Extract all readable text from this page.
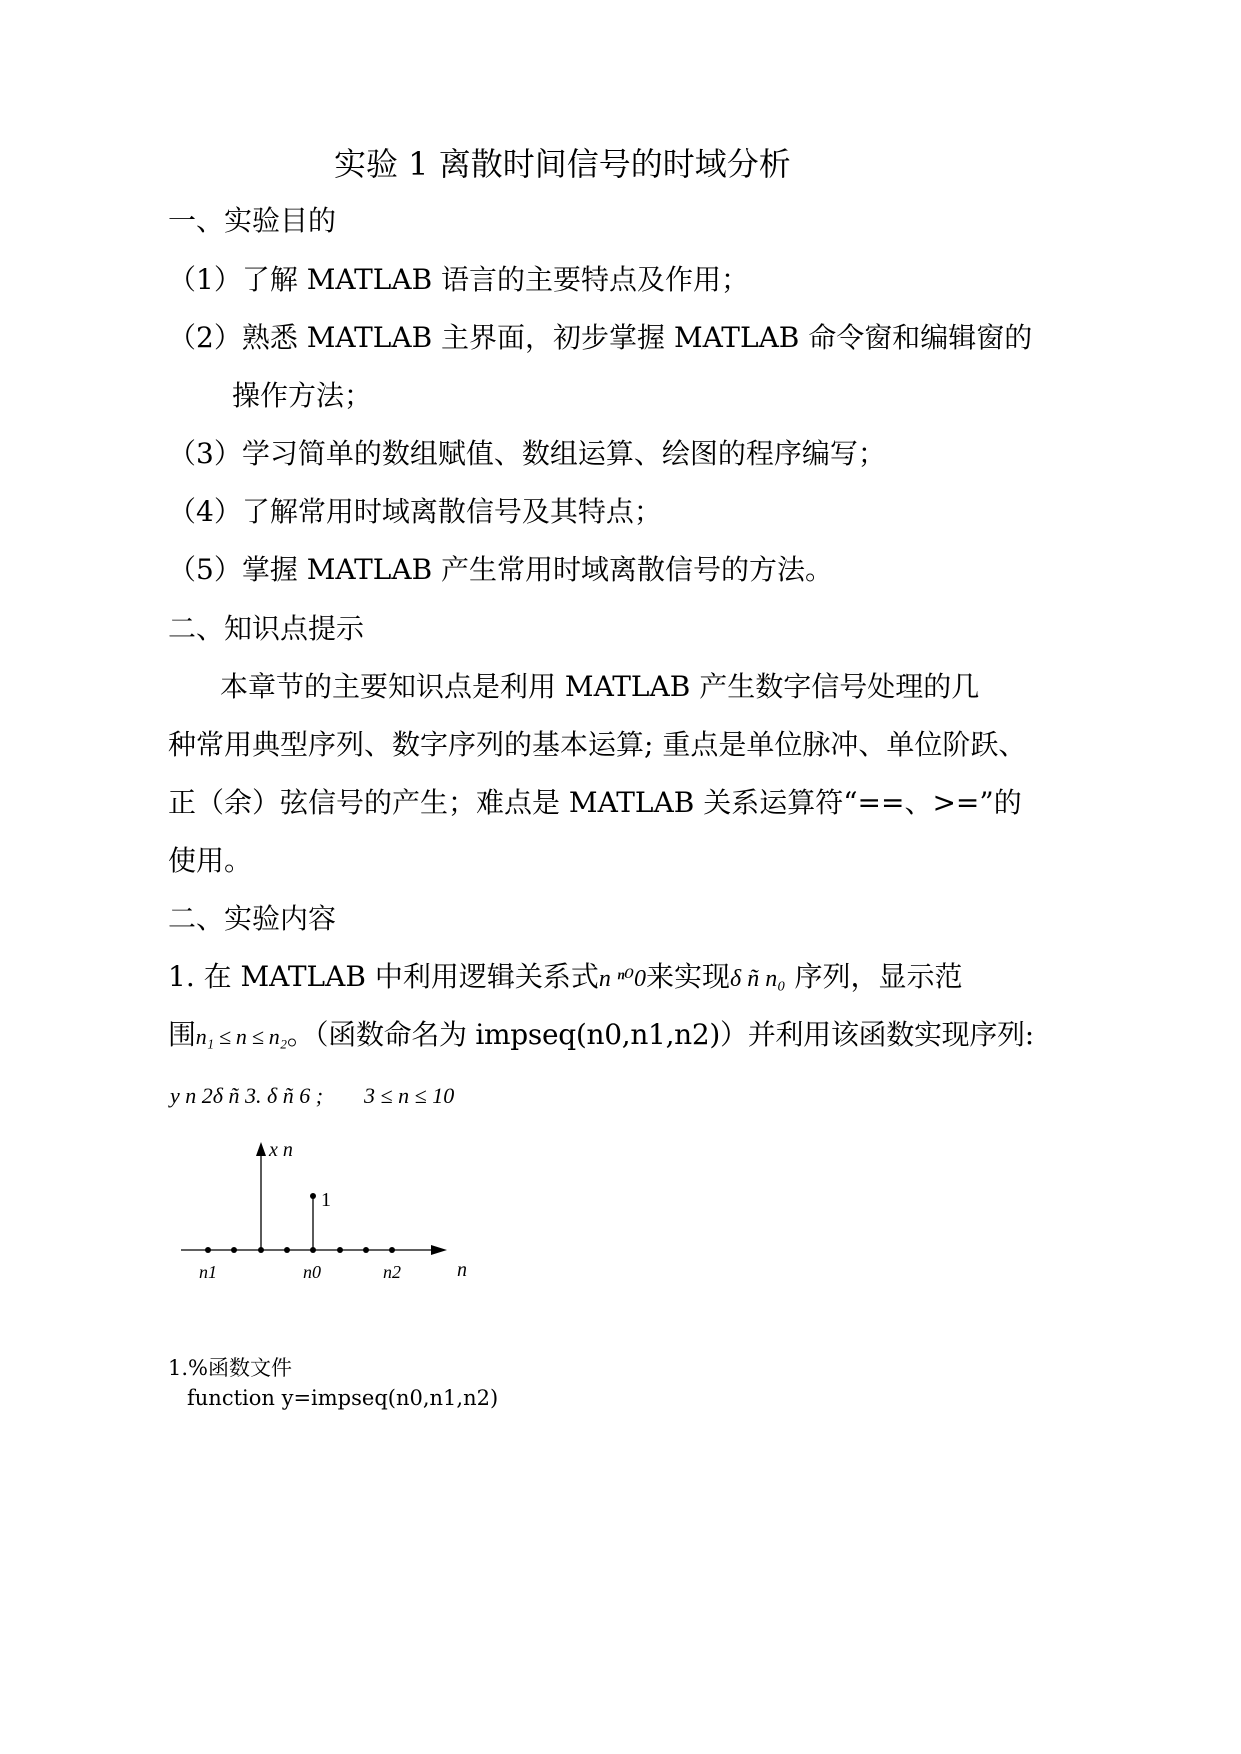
实验 1 离散时间信号的时域分析
一、实验目的
（1）了解 MATLAB 语言的主要特点及作用；
（2）熟悉 MATLAB 主界面，初步掌握 MATLAB 命令窗和编辑窗的
操作方法；
（3）学习简单的数组赋值、数组运算、绘图的程序编写；
（4）了解常用时域离散信号及其特点；
（5）掌握 MATLAB 产生常用时域离散信号的方法。
二、知识点提示
本章节的主要知识点是利用 MATLAB 产生数字信号处理的几
种常用典型序列、数字序列的基本运算; 重点是单位脉冲、单位阶跃、
正（余）弦信号的产生；难点是 MATLAB 关系运算符“==、>=”的
使用。
二、实验内容
1. 在 MATLAB 中利用逻辑关系式n ⁿ⁰0来实现δ ñ n₀ 序列，显示范
围n₁ ≤ n ≤ n₂。（函数命名为 impseq(n0,n1,n2)）并利用该函数实现序列:
y n 2δ ñ 3. δ ñ 6 ; 3 ≤ n ≤ 10
x n
1
n1	n0	n2	n
1.%函数文件
function y=impseq(n0,n1,n2)
